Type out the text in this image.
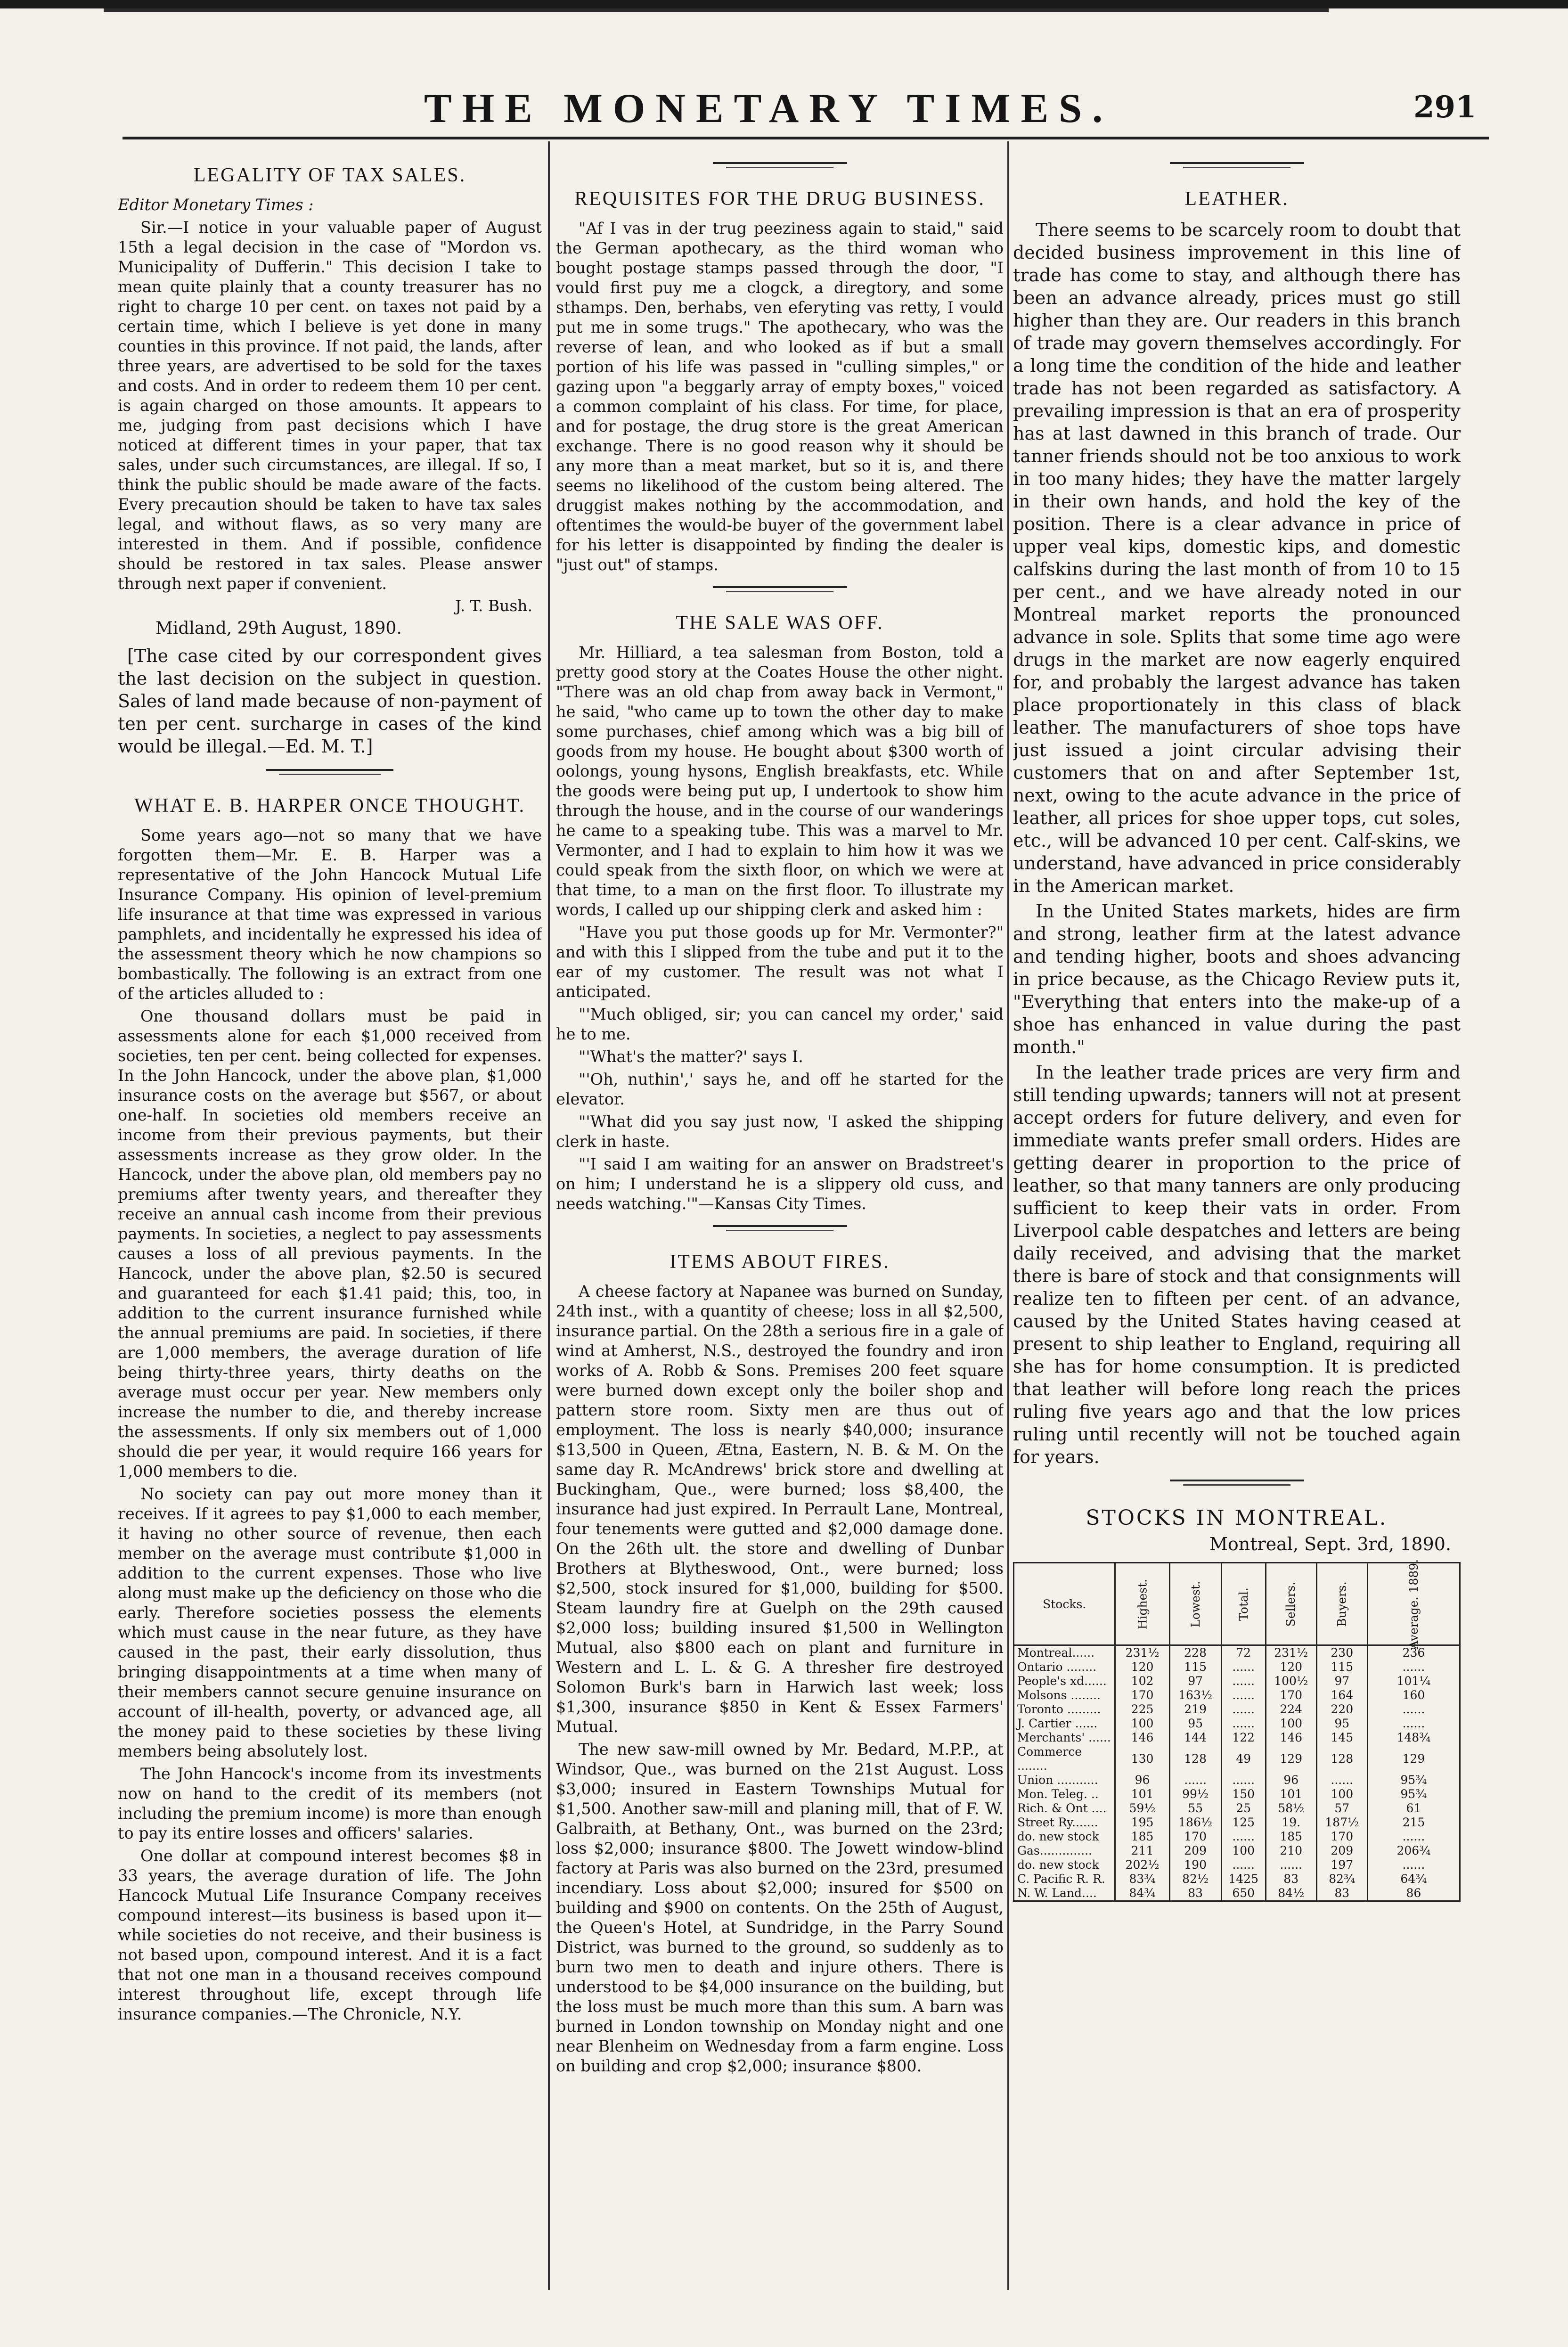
THE MONETARY TIMES.	291
LEGALITY OF TAX SALES.

Editor Monetary Times :

Sir.—I notice in your valuable paper of August 15th a legal decision in the case of "Mordon vs. Municipality of Dufferin." This decision I take to mean quite plainly that a county treasurer has no right to charge 10 per cent. on taxes not paid by a certain time, which I believe is yet done in many counties in this province. If not paid, the lands, after three years, are advertised to be sold for the taxes and costs. And in order to redeem them 10 per cent. is again charged on those amounts. It appears to me, judging from past decisions which I have noticed at different times in your paper, that tax sales, under such circumstances, are illegal. If so, I think the public should be made aware of the facts. Every precaution should be taken to have tax sales legal, and without flaws, as so very many are interested in them. And if possible, confidence should be restored in tax sales. Please answer through next paper if convenient.

J. T. Bush.
Midland, 29th August, 1890.
[The case cited by our correspondent gives the last decision on the subject in question. Sales of land made because of non-payment of ten per cent. surcharge in cases of the kind would be illegal.—Ed. M. T.]
WHAT E. B. HARPER ONCE THOUGHT.

Some years ago—not so many that we have forgotten them—Mr. E. B. Harper was a representative of the John Hancock Mutual Life Insurance Company. His opinion of level-premium life insurance at that time was expressed in various pamphlets, and incidentally he expressed his idea of the assessment theory which he now champions so bombastically. The following is an extract from one of the articles alluded to :

One thousand dollars must be paid in assessments alone for each $1,000 received from societies, ten per cent. being collected for expenses. In the John Hancock, under the above plan, $1,000 insurance costs on the average but $567, or about one-half. In societies old members receive an income from their previous payments, but their assessments increase as they grow older. In the Hancock, under the above plan, old members pay no premiums after twenty years, and thereafter they receive an annual cash income from their previous payments. In societies, a neglect to pay assessments causes a loss of all previous payments. In the Hancock, under the above plan, $2.50 is secured and guaranteed for each $1.41 paid; this, too, in addition to the current insurance furnished while the annual premiums are paid. In societies, if there are 1,000 members, the average duration of life being thirty-three years, thirty deaths on the average must occur per year. New members only increase the number to die, and thereby increase the assessments. If only six members out of 1,000 should die per year, it would require 166 years for 1,000 members to die.

No society can pay out more money than it receives. If it agrees to pay $1,000 to each member, it having no other source of revenue, then each member on the average must contribute $1,000 in addition to the current expenses. Those who live along must make up the deficiency on those who die early. Therefore societies possess the elements which must cause in the near future, as they have caused in the past, their early dissolution, thus bringing disappointments at a time when many of their members cannot secure genuine insurance on account of ill-health, poverty, or advanced age, all the money paid to these societies by these living members being absolutely lost.

The John Hancock's income from its investments now on hand to the credit of its members (not including the premium income) is more than enough to pay its entire losses and officers' salaries.

One dollar at compound interest becomes $8 in 33 years, the average duration of life. The John Hancock Mutual Life Insurance Company receives compound interest—its business is based upon it—while societies do not receive, and their business is not based upon, compound interest. And it is a fact that not one man in a thousand receives compound interest throughout life, except through life insurance companies.—The Chronicle, N.Y.

REQUISITES FOR THE DRUG BUSINESS.

"Af I vas in der trug peeziness again to staid," said the German apothecary, as the third woman who bought postage stamps passed through the door, "I vould first puy me a clogck, a diregtory, and some sthamps. Den, berhabs, ven eferyting vas retty, I vould put me in some trugs." The apothecary, who was the reverse of lean, and who looked as if but a small portion of his life was passed in "culling simples," or gazing upon "a beggarly array of empty boxes," voiced a common complaint of his class. For time, for place, and for postage, the drug store is the great American exchange. There is no good reason why it should be any more than a meat market, but so it is, and there seems no likelihood of the custom being altered. The druggist makes nothing by the accommodation, and oftentimes the would-be buyer of the government label for his letter is disappointed by finding the dealer is "just out" of stamps.

THE SALE WAS OFF.

Mr. Hilliard, a tea salesman from Boston, told a pretty good story at the Coates House the other night. "There was an old chap from away back in Vermont," he said, "who came up to town the other day to make some purchases, chief among which was a big bill of goods from my house. He bought about $300 worth of oolongs, young hysons, English breakfasts, etc. While the goods were being put up, I undertook to show him through the house, and in the course of our wanderings he came to a speaking tube. This was a marvel to Mr. Vermonter, and I had to explain to him how it was we could speak from the sixth floor, on which we were at that time, to a man on the first floor. To illustrate my words, I called up our shipping clerk and asked him :

"Have you put those goods up for Mr. Vermonter?" and with this I slipped from the tube and put it to the ear of my customer. The result was not what I anticipated.

"'Much obliged, sir; you can cancel my order,' said he to me.

"'What's the matter?' says I.

"'Oh, nuthin',' says he, and off he started for the elevator.

"'What did you say just now, 'I asked the shipping clerk in haste.

"'I said I am waiting for an answer on Bradstreet's on him; I understand he is a slippery old cuss, and needs watching.'"—Kansas City Times.

ITEMS ABOUT FIRES.

A cheese factory at Napanee was burned on Sunday, 24th inst., with a quantity of cheese; loss in all $2,500, insurance partial. On the 28th a serious fire in a gale of wind at Amherst, N.S., destroyed the foundry and iron works of A. Robb & Sons. Premises 200 feet square were burned down except only the boiler shop and pattern store room. Sixty men are thus out of employment. The loss is nearly $40,000; insurance $13,500 in Queen, Ætna, Eastern, N. B. & M. On the same day R. McAndrews' brick store and dwelling at Buckingham, Que., were burned; loss $8,400, the insurance had just expired. In Perrault Lane, Montreal, four tenements were gutted and $2,000 damage done. On the 26th ult. the store and dwelling of Dunbar Brothers at Blytheswood, Ont., were burned; loss $2,500, stock insured for $1,000, building for $500. Steam laundry fire at Guelph on the 29th caused $2,000 loss; building insured $1,500 in Wellington Mutual, also $800 each on plant and furniture in Western and L. L. & G. A thresher fire destroyed Solomon Burk's barn in Harwich last week; loss $1,300, insurance $850 in Kent & Essex Farmers' Mutual.

The new saw-mill owned by Mr. Bedard, M.P.P., at Windsor, Que., was burned on the 21st August. Loss $3,000; insured in Eastern Townships Mutual for $1,500. Another saw-mill and planing mill, that of F. W. Galbraith, at Bethany, Ont., was burned on the 23rd; loss $2,000; insurance $800. The Jowett window-blind factory at Paris was also burned on the 23rd, presumed incendiary. Loss about $2,000; insured for $500 on building and $900 on contents. On the 25th of August, the Queen's Hotel, at Sundridge, in the Parry Sound District, was burned to the ground, so suddenly as to burn two men to death and injure others. There is understood to be $4,000 insurance on the building, but the loss must be much more than this sum. A barn was burned in London township on Monday night and one near Blenheim on Wednesday from a farm engine. Loss on building and crop $2,000; insurance $800.

LEATHER.

There seems to be scarcely room to doubt that decided business improvement in this line of trade has come to stay, and although there has been an advance already, prices must go still higher than they are. Our readers in this branch of trade may govern themselves accordingly. For a long time the condition of the hide and leather trade has not been regarded as satisfactory. A prevailing impression is that an era of prosperity has at last dawned in this branch of trade. Our tanner friends should not be too anxious to work in too many hides; they have the matter largely in their own hands, and hold the key of the position. There is a clear advance in price of upper veal kips, domestic kips, and domestic calfskins during the last month of from 10 to 15 per cent., and we have already noted in our Montreal market reports the pronounced advance in sole. Splits that some time ago were drugs in the market are now eagerly enquired for, and probably the largest advance has taken place proportionately in this class of black leather. The manufacturers of shoe tops have just issued a joint circular advising their customers that on and after September 1st, next, owing to the acute advance in the price of leather, all prices for shoe upper tops, cut soles, etc., will be advanced 10 per cent. Calf-skins, we understand, have advanced in price considerably in the American market.

In the United States markets, hides are firm and strong, leather firm at the latest advance and tending higher, boots and shoes advancing in price because, as the Chicago Review puts it, "Everything that enters into the make-up of a shoe has enhanced in value during the past month."

In the leather trade prices are very firm and still tending upwards; tanners will not at present accept orders for future delivery, and even for immediate wants prefer small orders. Hides are getting dearer in proportion to the price of leather, so that many tanners are only producing sufficient to keep their vats in order. From Liverpool cable despatches and letters are being daily received, and advising that the market there is bare of stock and that consignments will realize ten to fifteen per cent. of an advance, caused by the United States having ceased at present to ship leather to England, requiring all she has for home consumption. It is predicted that leather will before long reach the prices ruling five years ago and that the low prices ruling until recently will not be touched again for years.

STOCKS IN MONTREAL.
Montreal, Sept. 3rd, 1890.
Stocks.	Highest.	Lowest.	Total.	Sellers.	Buyers.	Average. 1889.
Montreal......	231½	228	72	231½	230	236
Ontario ........	120	115	......	120	115	......
People's xd......	102	97	......	100½	97	101¼
Molsons ........	170	163½	......	170	164	160
Toronto .........	225	219	......	224	220	......
J. Cartier ......	100	95	......	100	95	......
Merchants' ......	146	144	122	146	145	148¾
Commerce ........	130	128	49	129	128	129
Union ...........	96	......	......	96	......	95¾
Mon. Teleg. ..	101	99½	150	101	100	95¾
Rich. & Ont ....	59½	55	25	58½	57	61
Street Ry.......	195	186½	125	19.	187½	215
do. new stock	185	170	......	185	170	......
Gas..............	211	209	100	210	209	206¾
do. new stock	202½	190	......	......	197	......
C. Pacific R. R.	83¾	82½	1425	83	82¾	64¾
N. W. Land....	84¾	83	650	84½	83	86
